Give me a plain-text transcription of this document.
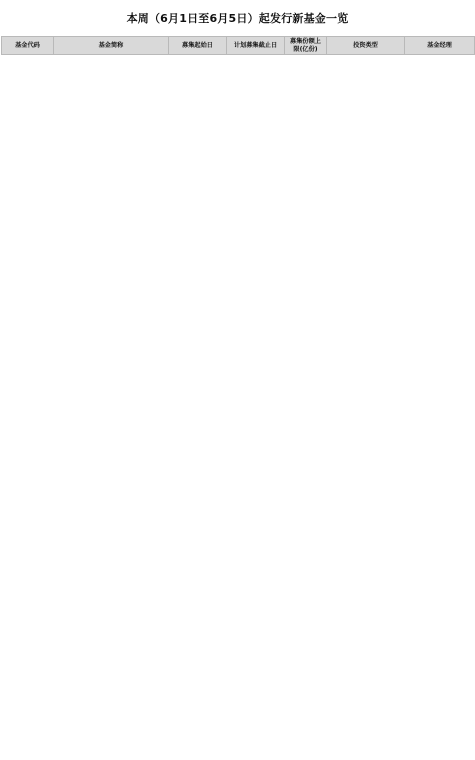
本周（6月1日至6月5日）起发行新基金一览
基金代码	基金简称	募集起始日	计划募集截止日	募集份额上限(亿份)	投资类型	基金经理
